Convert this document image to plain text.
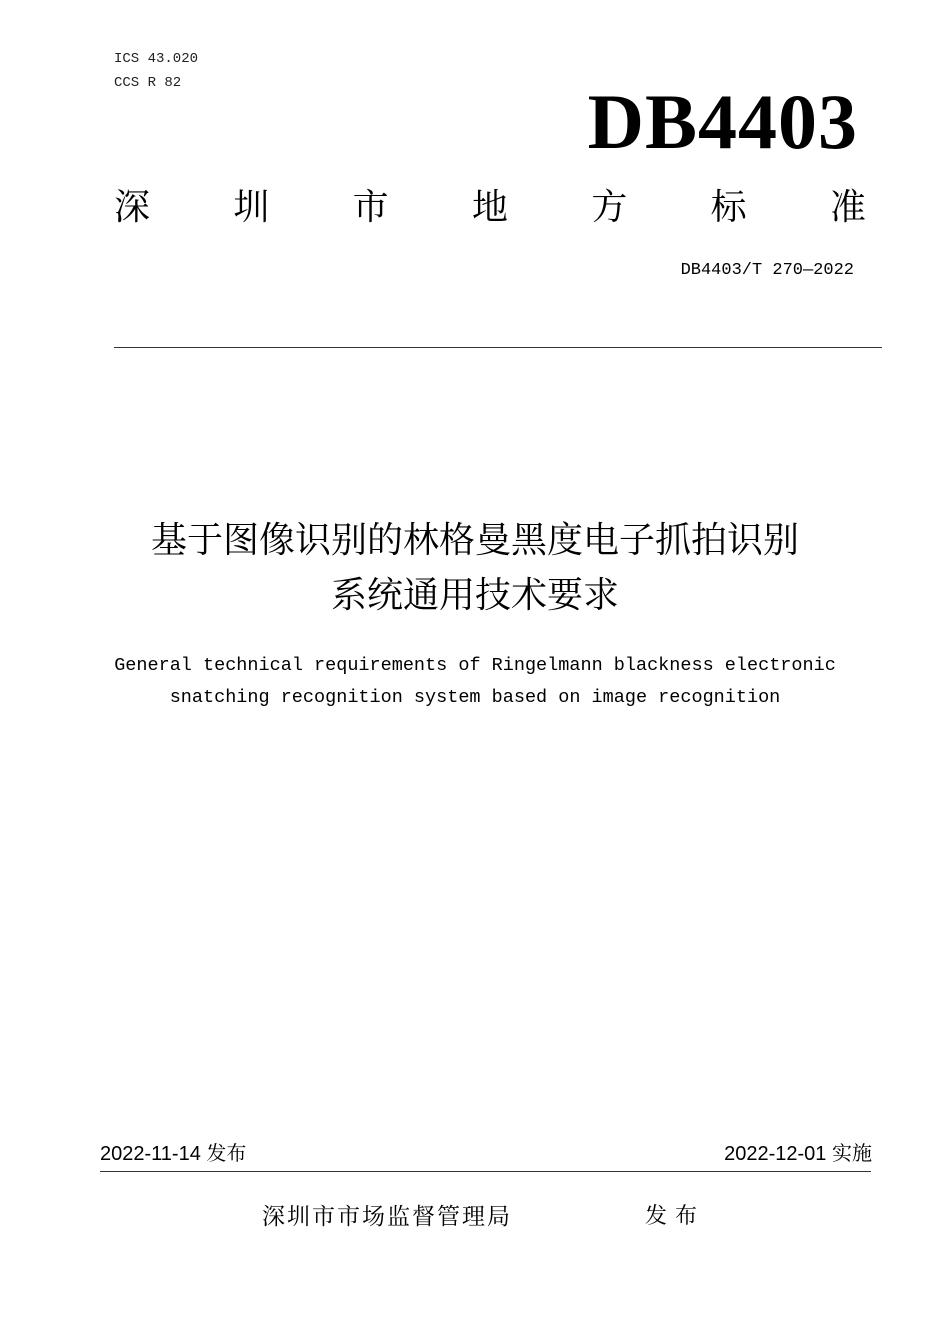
ICS 43.020
CCS R 82	DB4403
深 圳 市 地 方 标 准
DB4403/T 270—2022
基于图像识别的林格曼黑度电子抓拍识别
系统通用技术要求
General technical requirements of Ringelmann blackness electronic
snatching recognition system based on image recognition
2022-11-14 发布	2022-12-01 实施
深圳市市场监督管理局	发布
